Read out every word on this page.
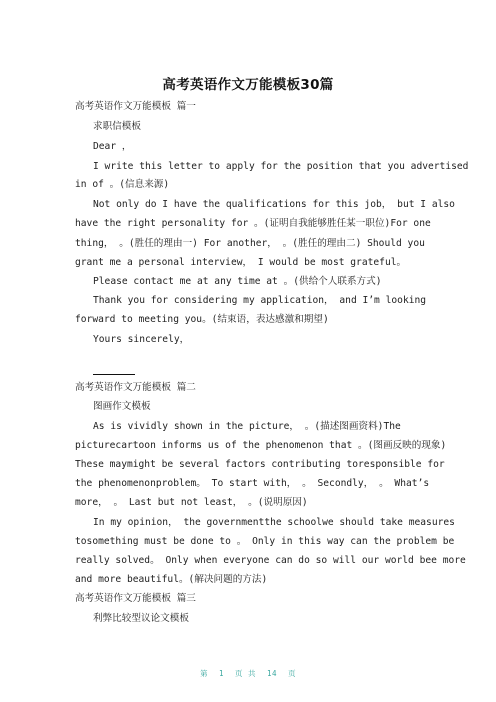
高考英语作文万能模板30篇
高考英语作文万能模板 篇一
求职信模板
Dear ，
I write this letter to apply for the position that you advertised
in of 。(信息来源)
Not only do I have the qualifications for this job， but I also
have the right personality for 。(证明自我能够胜任某一职位)For one
thing， 。(胜任的理由一) For another， 。(胜任的理由二) Should you
grant me a personal interview， I would be most grateful。
Please contact me at any time at 。(供给个人联系方式)
Thank you for considering my application， and I’m looking
forward to meeting you。(结束语，表达感激和期望)
Yours sincerely，
高考英语作文万能模板 篇二
图画作文模板
As is vividly shown in the picture， 。(描述图画资料)The
picturecartoon informs us of the phenomenon that 。(图画反映的现象)
These maymight be several factors contributing toresponsible for
the phenomenonproblem。 To start with， 。 Secondly， 。 What’s
more， 。 Last but not least， 。(说明原因)
In my opinion， the governmentthe schoolwe should take measures
tosomething must be done to 。 Only in this way can the problem be
really solved。 Only when everyone can do so will our world bee more
and more beautiful。(解决问题的方法)
高考英语作文万能模板 篇三
利弊比较型议论文模板
第 1 页 共 14 页
